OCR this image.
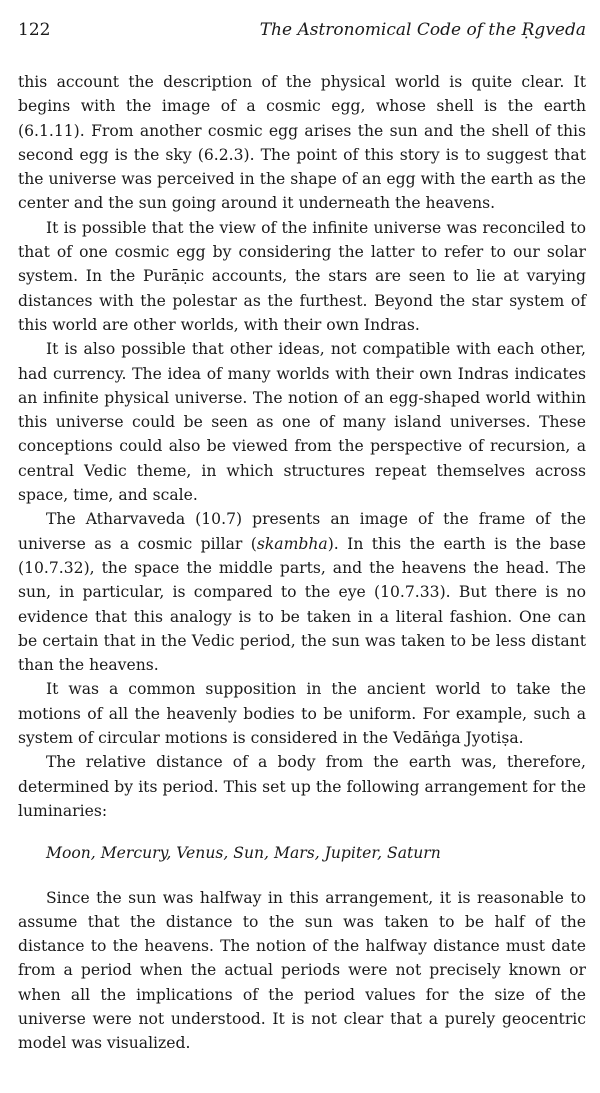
122	The Astronomical Code of the Ṛgveda

this account the description of the physical world is quite clear. It begins with the image of a cosmic egg, whose shell is the earth (6.1.11). From another cosmic egg arises the sun and the shell of this second egg is the sky (6.2.3). The point of this story is to suggest that the universe was perceived in the shape of an egg with the earth as the center and the sun going around it underneath the heavens.

It is possible that the view of the infinite universe was reconciled to that of one cosmic egg by considering the latter to refer to our solar system. In the Purāṇic accounts, the stars are seen to lie at varying distances with the polestar as the furthest. Beyond the star system of this world are other worlds, with their own Indras.

It is also possible that other ideas, not compatible with each other, had currency. The idea of many worlds with their own Indras indicates an infinite physical universe. The notion of an egg-shaped world within this universe could be seen as one of many island universes. These conceptions could also be viewed from the perspective of recursion, a central Vedic theme, in which structures repeat themselves across space, time, and scale.

The Atharvaveda (10.7) presents an image of the frame of the universe as a cosmic pillar (skambha). In this the earth is the base (10.7.32), the space the middle parts, and the heavens the head. The sun, in particular, is compared to the eye (10.7.33). But there is no evidence that this analogy is to be taken in a literal fashion. One can be certain that in the Vedic period, the sun was taken to be less distant than the heavens.

It was a common supposition in the ancient world to take the motions of all the heavenly bodies to be uniform. For example, such a system of circular motions is considered in the Vedāṅga Jyotiṣa.

The relative distance of a body from the earth was, therefore, determined by its period. This set up the following arrangement for the luminaries:

Moon, Mercury, Venus, Sun, Mars, Jupiter, Saturn

Since the sun was halfway in this arrangement, it is reasonable to assume that the distance to the sun was taken to be half of the distance to the heavens. The notion of the halfway distance must date from a period when the actual periods were not precisely known or when all the implications of the period values for the size of the universe were not understood. It is not clear that a purely geocentric model was visualized.
